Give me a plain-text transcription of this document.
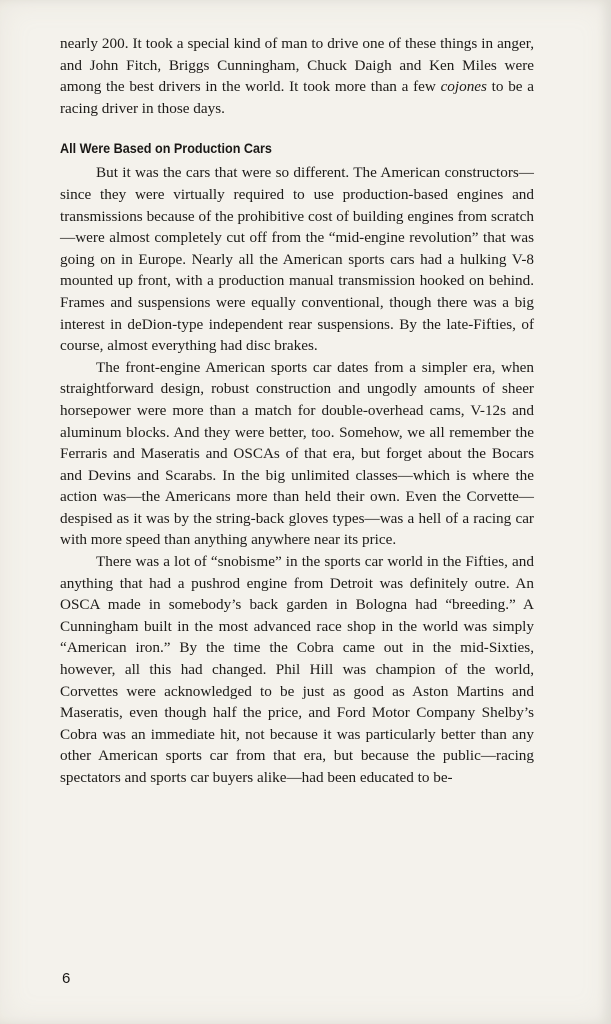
nearly 200. It took a special kind of man to drive one of these things in anger, and John Fitch, Briggs Cunningham, Chuck Daigh and Ken Miles were among the best drivers in the world. It took more than a few cojones to be a racing driver in those days.

All Were Based on Production Cars

But it was the cars that were so different. The American constructors—since they were virtually required to use production-based engines and transmissions because of the prohibitive cost of building engines from scratch—were almost completely cut off from the “mid-engine revolution” that was going on in Europe. Nearly all the American sports cars had a hulking V-8 mounted up front, with a production manual transmission hooked on behind. Frames and suspensions were equally conventional, though there was a big interest in deDion-type independent rear suspensions. By the late-Fifties, of course, almost everything had disc brakes.

The front-engine American sports car dates from a simpler era, when straightforward design, robust construction and ungodly amounts of sheer horsepower were more than a match for double-overhead cams, V-12s and aluminum blocks. And they were better, too. Somehow, we all remember the Ferraris and Maseratis and OSCAs of that era, but forget about the Bocars and Devins and Scarabs. In the big unlimited classes—which is where the action was—the Americans more than held their own. Even the Corvette—despised as it was by the string-back gloves types—was a hell of a racing car with more speed than anything anywhere near its price.

There was a lot of “snobisme” in the sports car world in the Fifties, and anything that had a pushrod engine from Detroit was definitely outre. An OSCA made in somebody’s back garden in Bologna had “breeding.” A Cunningham built in the most advanced race shop in the world was simply “American iron.” By the time the Cobra came out in the mid-Sixties, however, all this had changed. Phil Hill was champion of the world, Corvettes were acknowledged to be just as good as Aston Martins and Maseratis, even though half the price, and Ford Motor Company Shelby’s Cobra was an immediate hit, not because it was particularly better than any other American sports car from that era, but because the public—racing spectators and sports car buyers alike—had been educated to be-

6
